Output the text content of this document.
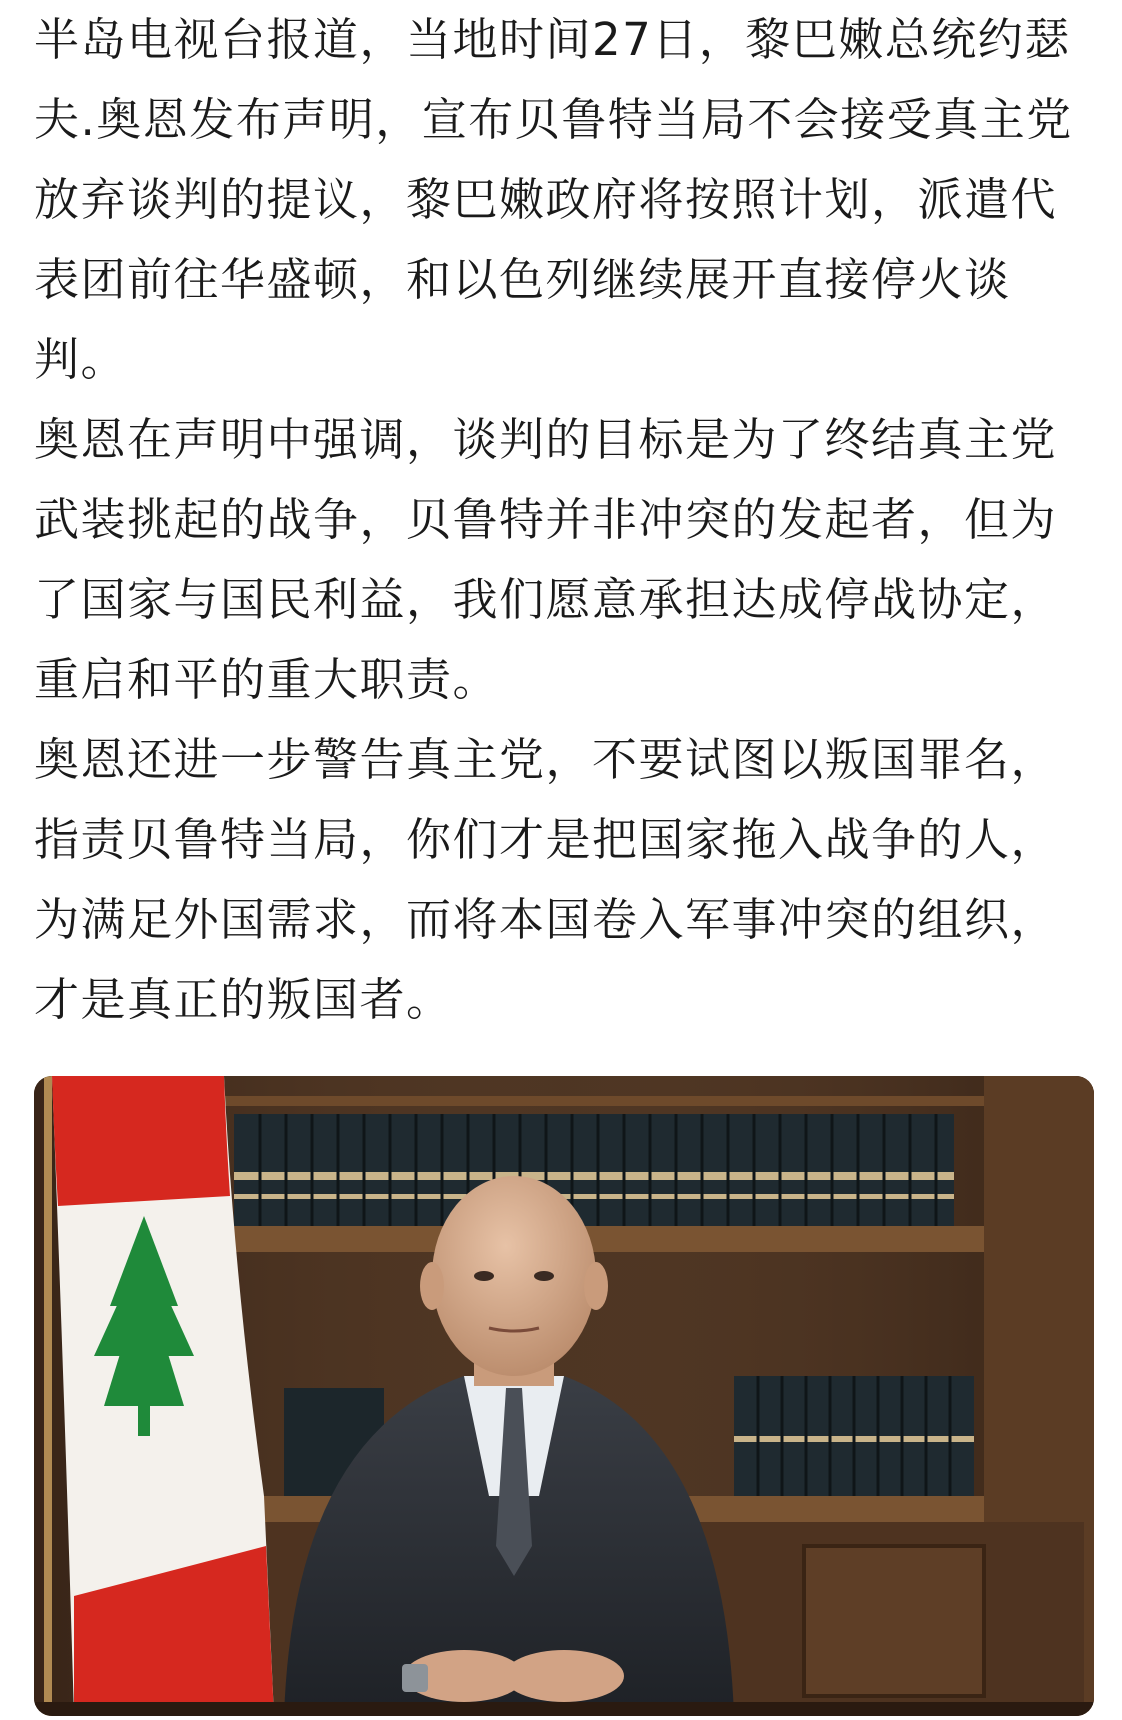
半岛电视台报道，当地时间27日，黎巴嫩总统约瑟夫.奥恩发布声明，宣布贝鲁特当局不会接受真主党放弃谈判的提议，黎巴嫩政府将按照计划，派遣代表团前往华盛顿，和以色列继续展开直接停火谈判。

奥恩在声明中强调，谈判的目标是为了终结真主党武装挑起的战争，贝鲁特并非冲突的发起者，但为了国家与国民利益，我们愿意承担达成停战协定，重启和平的重大职责。

奥恩还进一步警告真主党，不要试图以叛国罪名，指责贝鲁特当局，你们才是把国家拖入战争的人，为满足外国需求，而将本国卷入军事冲突的组织，才是真正的叛国者。
